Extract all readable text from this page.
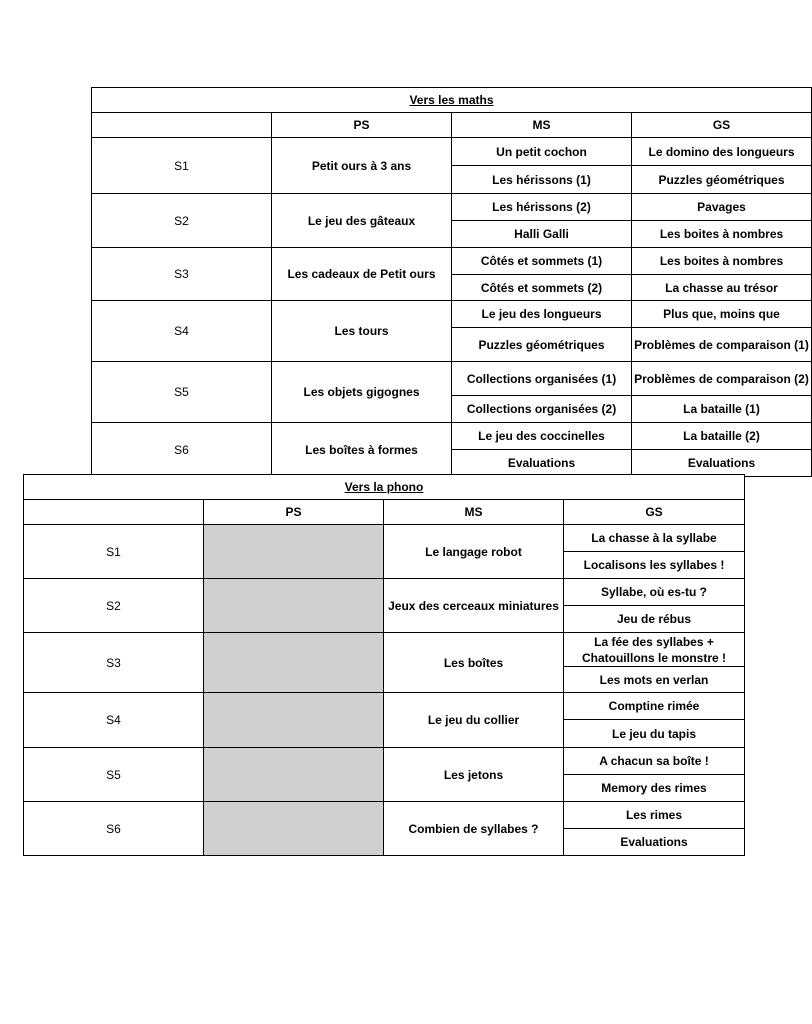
Vers les maths			
	PS	MS	GS
S1	Petit ours à 3 ans	Un petit cochon	Le domino des longueurs
		Les hérissons (1)	Puzzles géométriques
S2	Le jeu des gâteaux	Les hérissons (2)	Pavages
		Halli Galli	Les boites à nombres
S3	Les cadeaux de Petit ours	Côtés et sommets (1)	Les boites à nombres
		Côtés et sommets (2)	La chasse au trésor
S4	Les tours	Le jeu des longueurs	Plus que, moins que
		Puzzles géométriques	Problèmes de comparaison (1)
S5	Les objets gigognes	Collections organisées (1)	Problèmes de comparaison (2)
		Collections organisées (2)	La bataille (1)
S6	Les boîtes à formes	Le jeu des coccinelles	La bataille (2)
		Evaluations	Evaluations
Vers la phono			
	PS	MS	GS
S1		Le langage robot	La chasse à la syllabe
			Localisons les syllabes !
S2		Jeux des cerceaux miniatures	Syllabe, où es-tu ?
			Jeu de rébus
S3		Les boîtes	La fée des syllabes + Chatouillons le monstre !
			Les mots en verlan
S4		Le jeu du collier	Comptine rimée
			Le jeu du tapis
S5		Les jetons	A chacun sa boîte !
			Memory des rimes
S6		Combien de syllabes ?	Les rimes
			Evaluations
